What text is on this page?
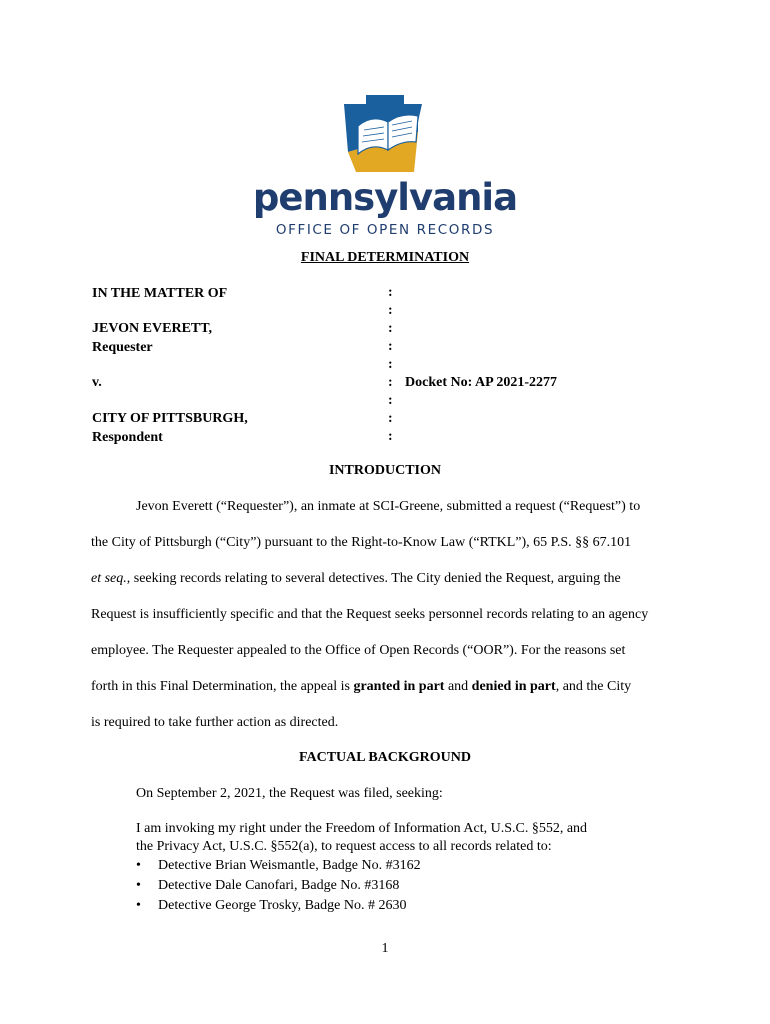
pennsylvania
OFFICE OF OPEN RECORDS
FINAL DETERMINATION
IN THE MATTER OF
JEVON EVERETT,
Requester
v.	Docket No: AP 2021-2277
CITY OF PITTSBURGH,
Respondent
:
:
:
:
:
:
:
:
:
INTRODUCTION
Jevon Everett (“Requester”), an inmate at SCI-Greene, submitted a request (“Request”) to
the City of Pittsburgh (“City”) pursuant to the Right-to-Know Law (“RTKL”), 65 P.S. §§ 67.101
et seq., seeking records relating to several detectives. The City denied the Request, arguing the
Request is insufficiently specific and that the Request seeks personnel records relating to an agency
employee. The Requester appealed to the Office of Open Records (“OOR”). For the reasons set
forth in this Final Determination, the appeal is granted in part and denied in part, and the City
is required to take further action as directed.
FACTUAL BACKGROUND
On September 2, 2021, the Request was filed, seeking:
I am invoking my right under the Freedom of Information Act, U.S.C. §552, and
the Privacy Act, U.S.C. §552(a), to request access to all records related to:
• Detective Brian Weismantle, Badge No. #3162
• Detective Dale Canofari, Badge No. #3168
• Detective George Trosky, Badge No. # 2630
1
